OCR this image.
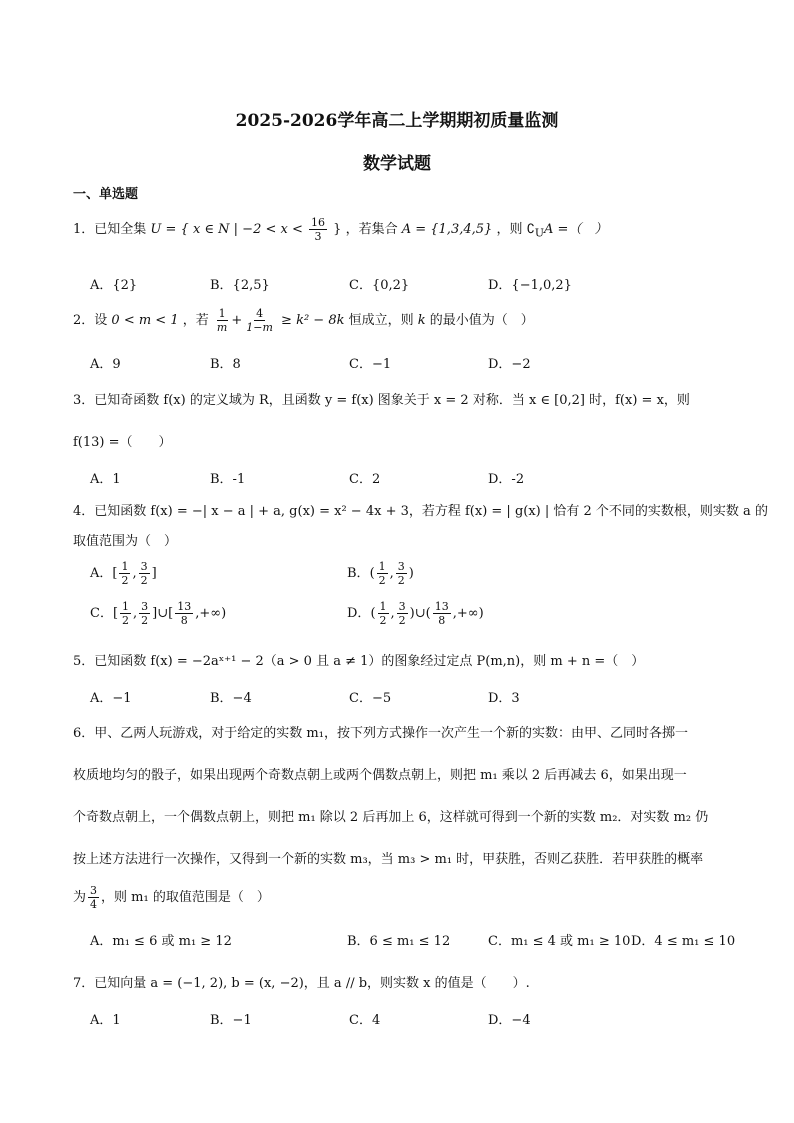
2025-2026学年高二上学期期初质量监测
数学试题
一、单选题
1．已知全集 U = { x ∈ N | $-2 < x < \frac{16}{3}$ } ，若集合 A = {1,3,4,5} ，则 $∁_UA$ =（　）
A．{2}	B．{2,5}	C．{0,2}	D．{−1,0,2}
2．设 0 < m < 1 ，若 $\frac{1}{m} + \frac{4}{1-m} \ge k^2 - 8k$ 恒成立，则 k 的最小值为（　）
A．9	B．8	C．−1	D．−2
3．已知奇函数 f(x) 的定义域为 R，且函数 y = f(x) 图象关于 x = 2 对称．当 x ∈ [0,2] 时，f(x) = x，则
f(13) =（　　）
A．1	B．-1	C．2	D．-2
4．已知函数 f(x) = −| x − a | + a, g(x) = x² − 4x + 3，若方程 f(x) = | g(x) | 恰有 2 个不同的实数根，则实数 a 的
取值范围为（　）
A．[ $\frac{1}{2}$ , $\frac{3}{2}$ ]	B．( $\frac{1}{2}$ , $\frac{3}{2}$ )
C．[ $\frac{1}{2}$ , $\frac{3}{2}$ ]∪[ $\frac{13}{8}$ ,+∞)	D．( $\frac{1}{2}$ , $\frac{3}{2}$ )∪( $\frac{13}{8}$ ,+∞)
5．已知函数 f(x) = −2aˣ⁺¹ − 2（a > 0 且 a ≠ 1）的图象经过定点 P(m,n)，则 m + n =（　）
A．−1	B．−4	C．−5	D．3
6．甲、乙两人玩游戏，对于给定的实数 m₁，按下列方式操作一次产生一个新的实数：由甲、乙同时各掷一
枚质地均匀的骰子，如果出现两个奇数点朝上或两个偶数点朝上，则把 m₁ 乘以 2 后再减去 6，如果出现一
个奇数点朝上，一个偶数点朝上，则把 m₁ 除以 2 后再加上 6，这样就可得到一个新的实数 m₂．对实数 m₂ 仍
按上述方法进行一次操作，又得到一个新的实数 m₃，当 m₃ > m₁ 时，甲获胜，否则乙获胜．若甲获胜的概率
为 $\frac{3}{4}$ ，则 m₁ 的取值范围是（　）
A．m₁ ≤ 6 或 m₁ ≥ 12	B．6 ≤ m₁ ≤ 12	C．m₁ ≤ 4 或 m₁ ≥ 10 D．4 ≤ m₁ ≤ 10
7．已知向量 a = (−1, 2), b = (x, −2)，且 a // b，则实数 x 的值是（　　）.
A．1	B．−1	C．4	D．−4
